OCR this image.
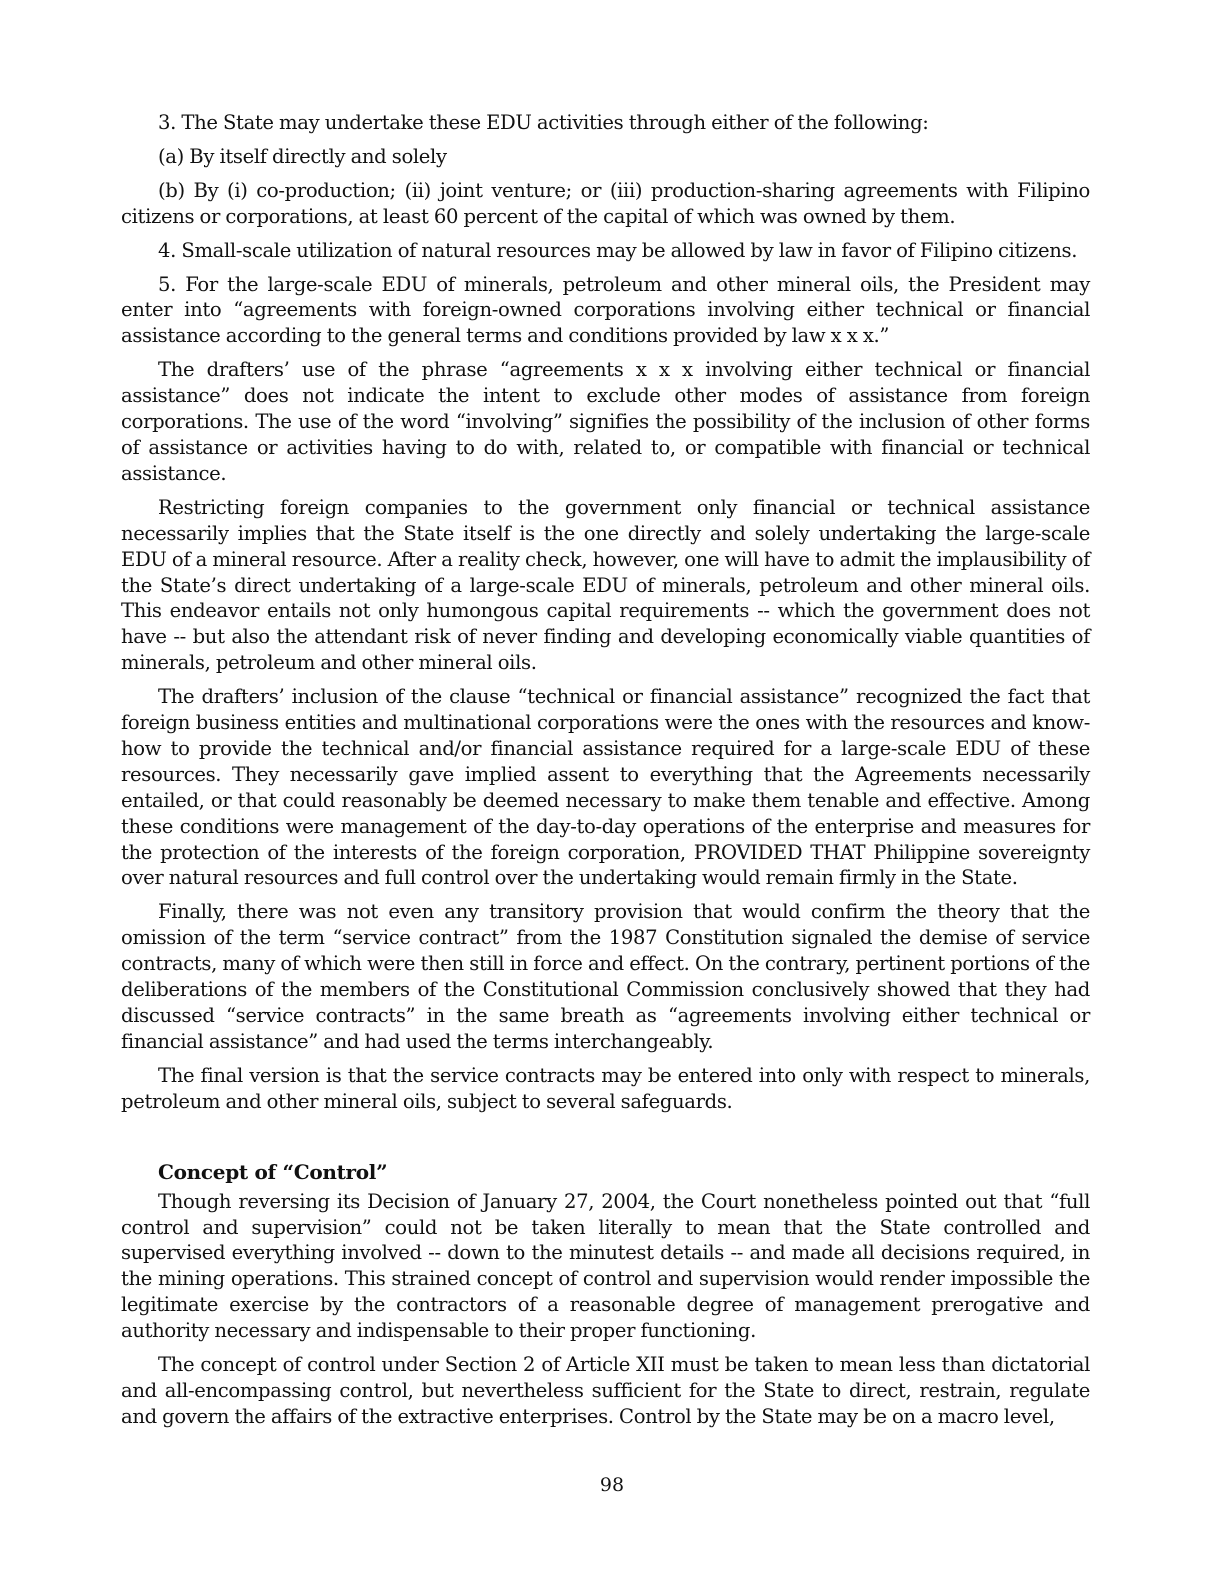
3. The State may undertake these EDU activities through either of the following:

(a) By itself directly and solely

(b) By (i) co-production; (ii) joint venture; or (iii) production-sharing agreements with Filipino citizens or corporations, at least 60 percent of the capital of which was owned by them.

4. Small-scale utilization of natural resources may be allowed by law in favor of Filipino citizens.

5. For the large-scale EDU of minerals, petroleum and other mineral oils, the President may enter into “agreements with foreign-owned corporations involving either technical or financial assistance according to the general terms and conditions provided by law x x x.”

The drafters’ use of the phrase “agreements x x x involving either technical or financial assistance” does not indicate the intent to exclude other modes of assistance from foreign corporations. The use of the word “involving” signifies the possibility of the inclusion of other forms of assistance or activities having to do with, related to, or compatible with financial or technical assistance.

Restricting foreign companies to the government only financial or technical assistance necessarily implies that the State itself is the one directly and solely undertaking the large-scale EDU of a mineral resource. After a reality check, however, one will have to admit the implausibility of the State’s direct undertaking of a large-scale EDU of minerals, petroleum and other mineral oils. This endeavor entails not only humongous capital requirements -- which the government does not have -- but also the attendant risk of never finding and developing economically viable quantities of minerals, petroleum and other mineral oils.

The drafters’ inclusion of the clause “technical or financial assistance” recognized the fact that foreign business entities and multinational corporations were the ones with the resources and know-how to provide the technical and/or financial assistance required for a large-scale EDU of these resources. They necessarily gave implied assent to everything that the Agreements necessarily entailed, or that could reasonably be deemed necessary to make them tenable and effective. Among these conditions were management of the day-to-day operations of the enterprise and measures for the protection of the interests of the foreign corporation, PROVIDED THAT Philippine sovereignty over natural resources and full control over the undertaking would remain firmly in the State.

Finally, there was not even any transitory provision that would confirm the theory that the omission of the term “service contract” from the 1987 Constitution signaled the demise of service contracts, many of which were then still in force and effect. On the contrary, pertinent portions of the deliberations of the members of the Constitutional Commission conclusively showed that they had discussed “service contracts” in the same breath as “agreements involving either technical or financial assistance” and had used the terms interchangeably.

The final version is that the service contracts may be entered into only with respect to minerals, petroleum and other mineral oils, subject to several safeguards.

Concept of “Control”

Though reversing its Decision of January 27, 2004, the Court nonetheless pointed out that “full control and supervision” could not be taken literally to mean that the State controlled and supervised everything involved -- down to the minutest details -- and made all decisions required, in the mining operations. This strained concept of control and supervision would render impossible the legitimate exercise by the contractors of a reasonable degree of management prerogative and authority necessary and indispensable to their proper functioning.

The concept of control under Section 2 of Article XII must be taken to mean less than dictatorial and all-encompassing control, but nevertheless sufficient for the State to direct, restrain, regulate and govern the affairs of the extractive enterprises. Control by the State may be on a macro level,

98
